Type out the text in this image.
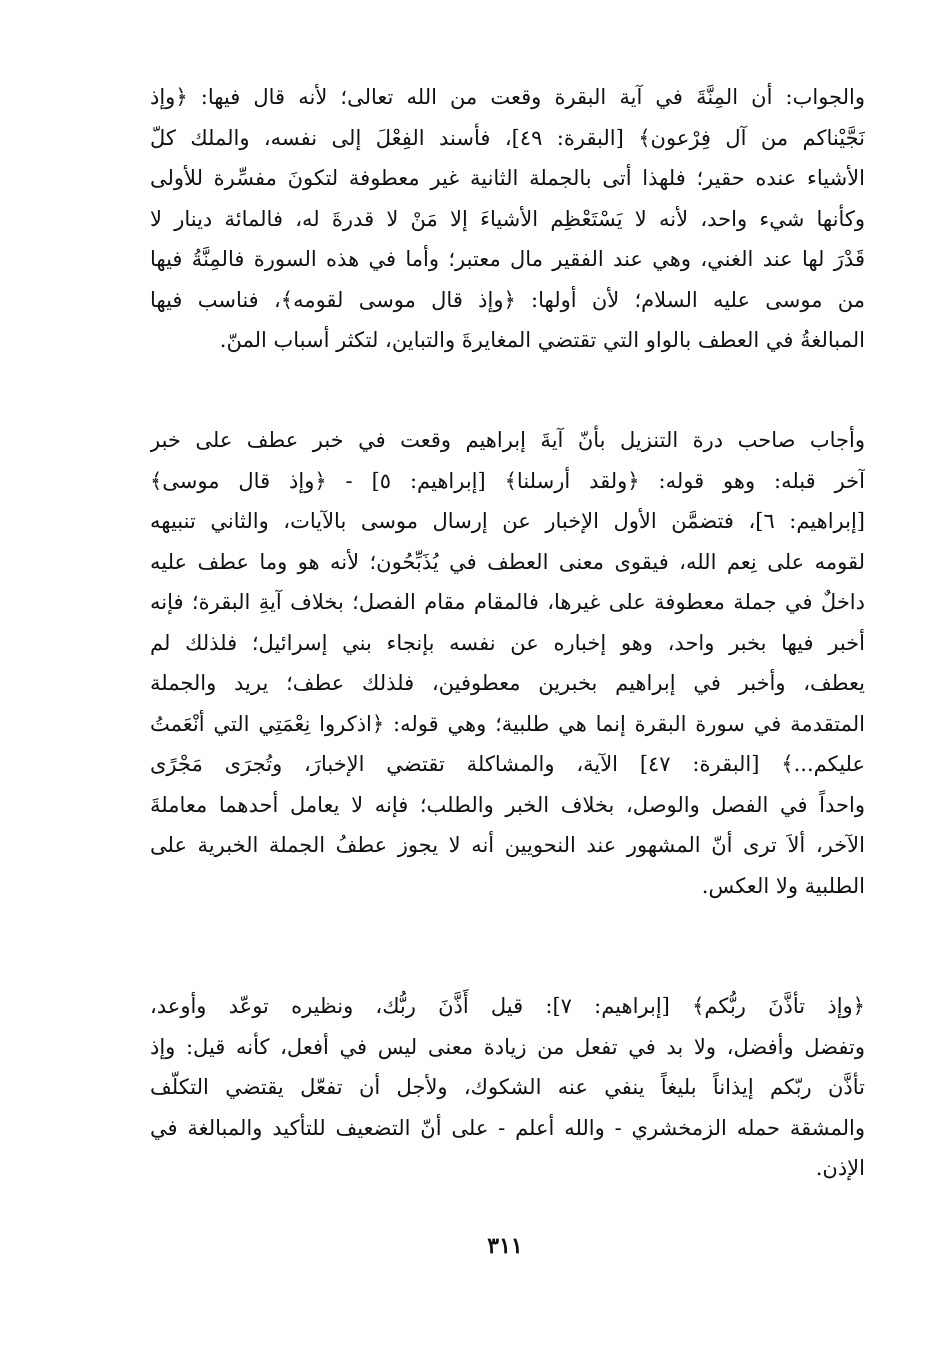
والجواب: أن المِنَّةَ في آية البقرة وقعت من الله تعالى؛ لأنه قال فيها: ﴿وإذ
نَجَّيْناكم من آل فِرْعون﴾ [البقرة: ٤٩]، فأسند الفِعْلَ إلى نفسه، والملك كلّ
الأشياء عنده حقير؛ فلهذا أتى بالجملة الثانية غير معطوفة لتكونَ مفسِّرة للأولى
وكأنها شيء واحد، لأنه لا يَسْتَعْظِم الأشياءَ إلا مَنْ لا قدرةَ له، فالمائة دينار لا
قَدْرَ لها عند الغني، وهي عند الفقير مال معتبر؛ وأما في هذه السورة فالمِنَّةُ فيها
من موسى عليه السلام؛ لأن أولها: ﴿وإذ قال موسى لقومه﴾، فناسب فيها
المبالغةُ في العطف بالواو التي تقتضي المغايرةَ والتباين، لتكثر أسباب المنّ.
وأجاب صاحب درة التنزيل بأنّ آيةَ إبراهيم وقعت في خبر عطف على خبر
آخر قبله: وهو قوله: ﴿ولقد أرسلنا﴾ [إبراهيم: ٥] - ﴿وإذ قال موسى﴾
[إبراهيم: ٦]، فتضمَّن الأول الإخبار عن إرسال موسى بالآيات، والثاني تنبيهه
لقومه على نِعم الله، فيقوى معنى العطف في يُذَبِّحُون؛ لأنه هو وما عطف عليه
داخلٌ في جملة معطوفة على غيرها، فالمقام مقام الفصل؛ بخلاف آيةِ البقرة؛ فإنه
أخبر فيها بخبر واحد، وهو إخباره عن نفسه بإنجاء بني إسرائيل؛ فلذلك لم
يعطف، وأخبر في إبراهيم بخبرين معطوفين، فلذلك عطف؛ يريد والجملة
المتقدمة في سورة البقرة إنما هي طلبية؛ وهي قوله: ﴿اذكروا نِعْمَتِي التي أنْعَمتُ
عليكم...﴾ [البقرة: ٤٧] الآية، والمشاكلة تقتضي الإخبارَ، وتُجرَى مَجْرًى
واحداً في الفصل والوصل، بخلاف الخبر والطلب؛ فإنه لا يعامل أحدهما معاملةَ
الآخر، ألاَ ترى أنّ المشهور عند النحويين أنه لا يجوز عطفُ الجملة الخبرية على
الطلبية ولا العكس.
﴿وإذ تأذَّنَ ربُّكم﴾ [إبراهيم: ٧]: قيل أَذَّنَ ربُّك، ونظيره توعّد وأوعد،
وتفضل وأفضل، ولا بد في تفعل من زيادة معنى ليس في أفعل، كأنه قيل: وإذ
تأذَّن ربّكم إيذاناً بليغاً ينفي عنه الشكوك، ولأجل أن تفعّل يقتضي التكلّف
والمشقة حمله الزمخشري - والله أعلم - على أنّ التضعيف للتأكيد والمبالغة في
الإذن.
٣١١
